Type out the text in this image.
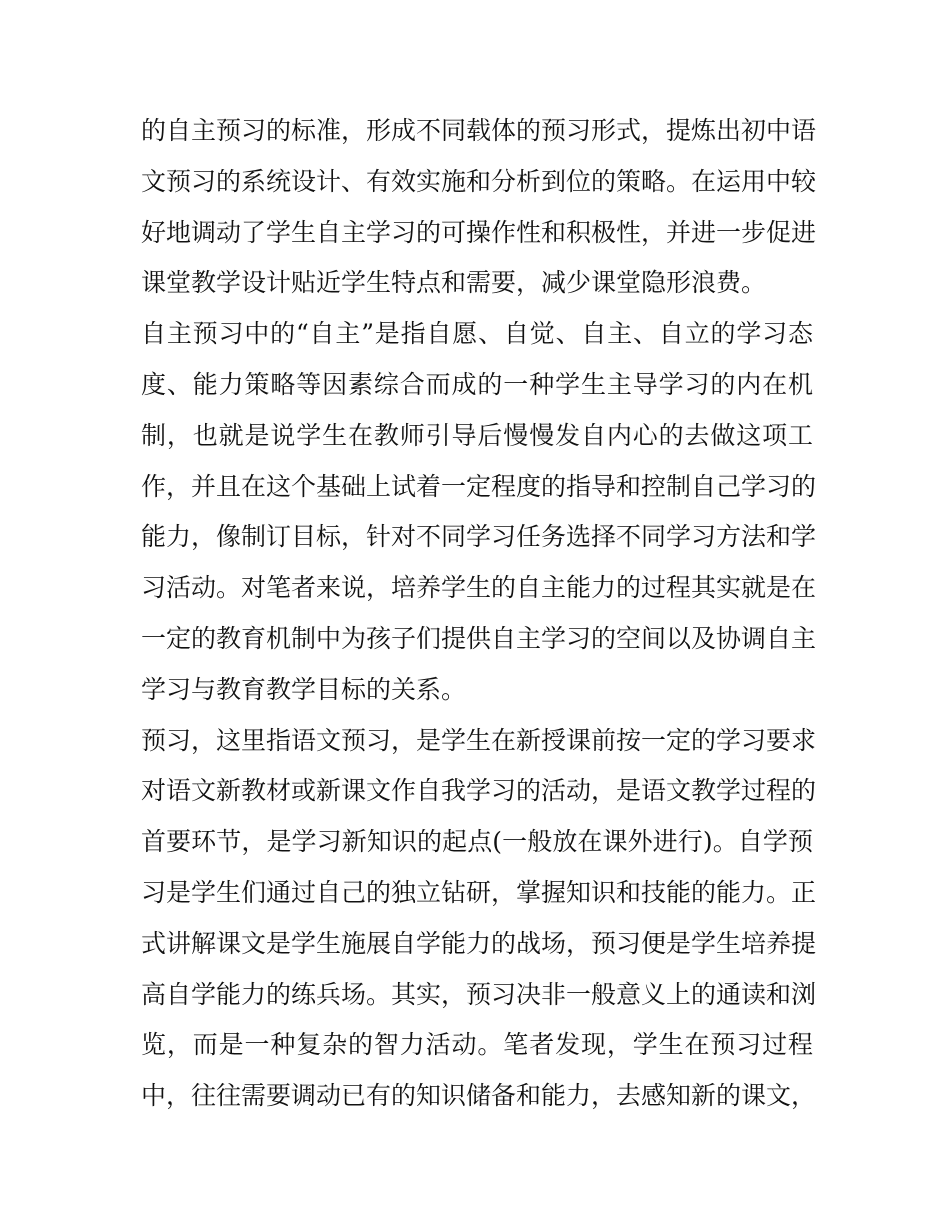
的自主预习的标准，形成不同载体的预习形式，提炼出初中语
文预习的系统设计、有效实施和分析到位的策略。在运用中较
好地调动了学生自主学习的可操作性和积极性，并进一步促进
课堂教学设计贴近学生特点和需要，减少课堂隐形浪费。
自主预习中的“自主”是指自愿、自觉、自主、自立的学习态
度、能力策略等因素综合而成的一种学生主导学习的内在机
制，也就是说学生在教师引导后慢慢发自内心的去做这项工
作，并且在这个基础上试着一定程度的指导和控制自己学习的
能力，像制订目标，针对不同学习任务选择不同学习方法和学
习活动。对笔者来说，培养学生的自主能力的过程其实就是在
一定的教育机制中为孩子们提供自主学习的空间以及协调自主
学习与教育教学目标的关系。
预习，这里指语文预习，是学生在新授课前按一定的学习要求
对语文新教材或新课文作自我学习的活动，是语文教学过程的
首要环节，是学习新知识的起点(一般放在课外进行)。自学预
习是学生们通过自己的独立钻研，掌握知识和技能的能力。正
式讲解课文是学生施展自学能力的战场，预习便是学生培养提
高自学能力的练兵场。其实，预习决非一般意义上的通读和浏
览，而是一种复杂的智力活动。笔者发现，学生在预习过程
中，往往需要调动已有的知识储备和能力，去感知新的课文，
